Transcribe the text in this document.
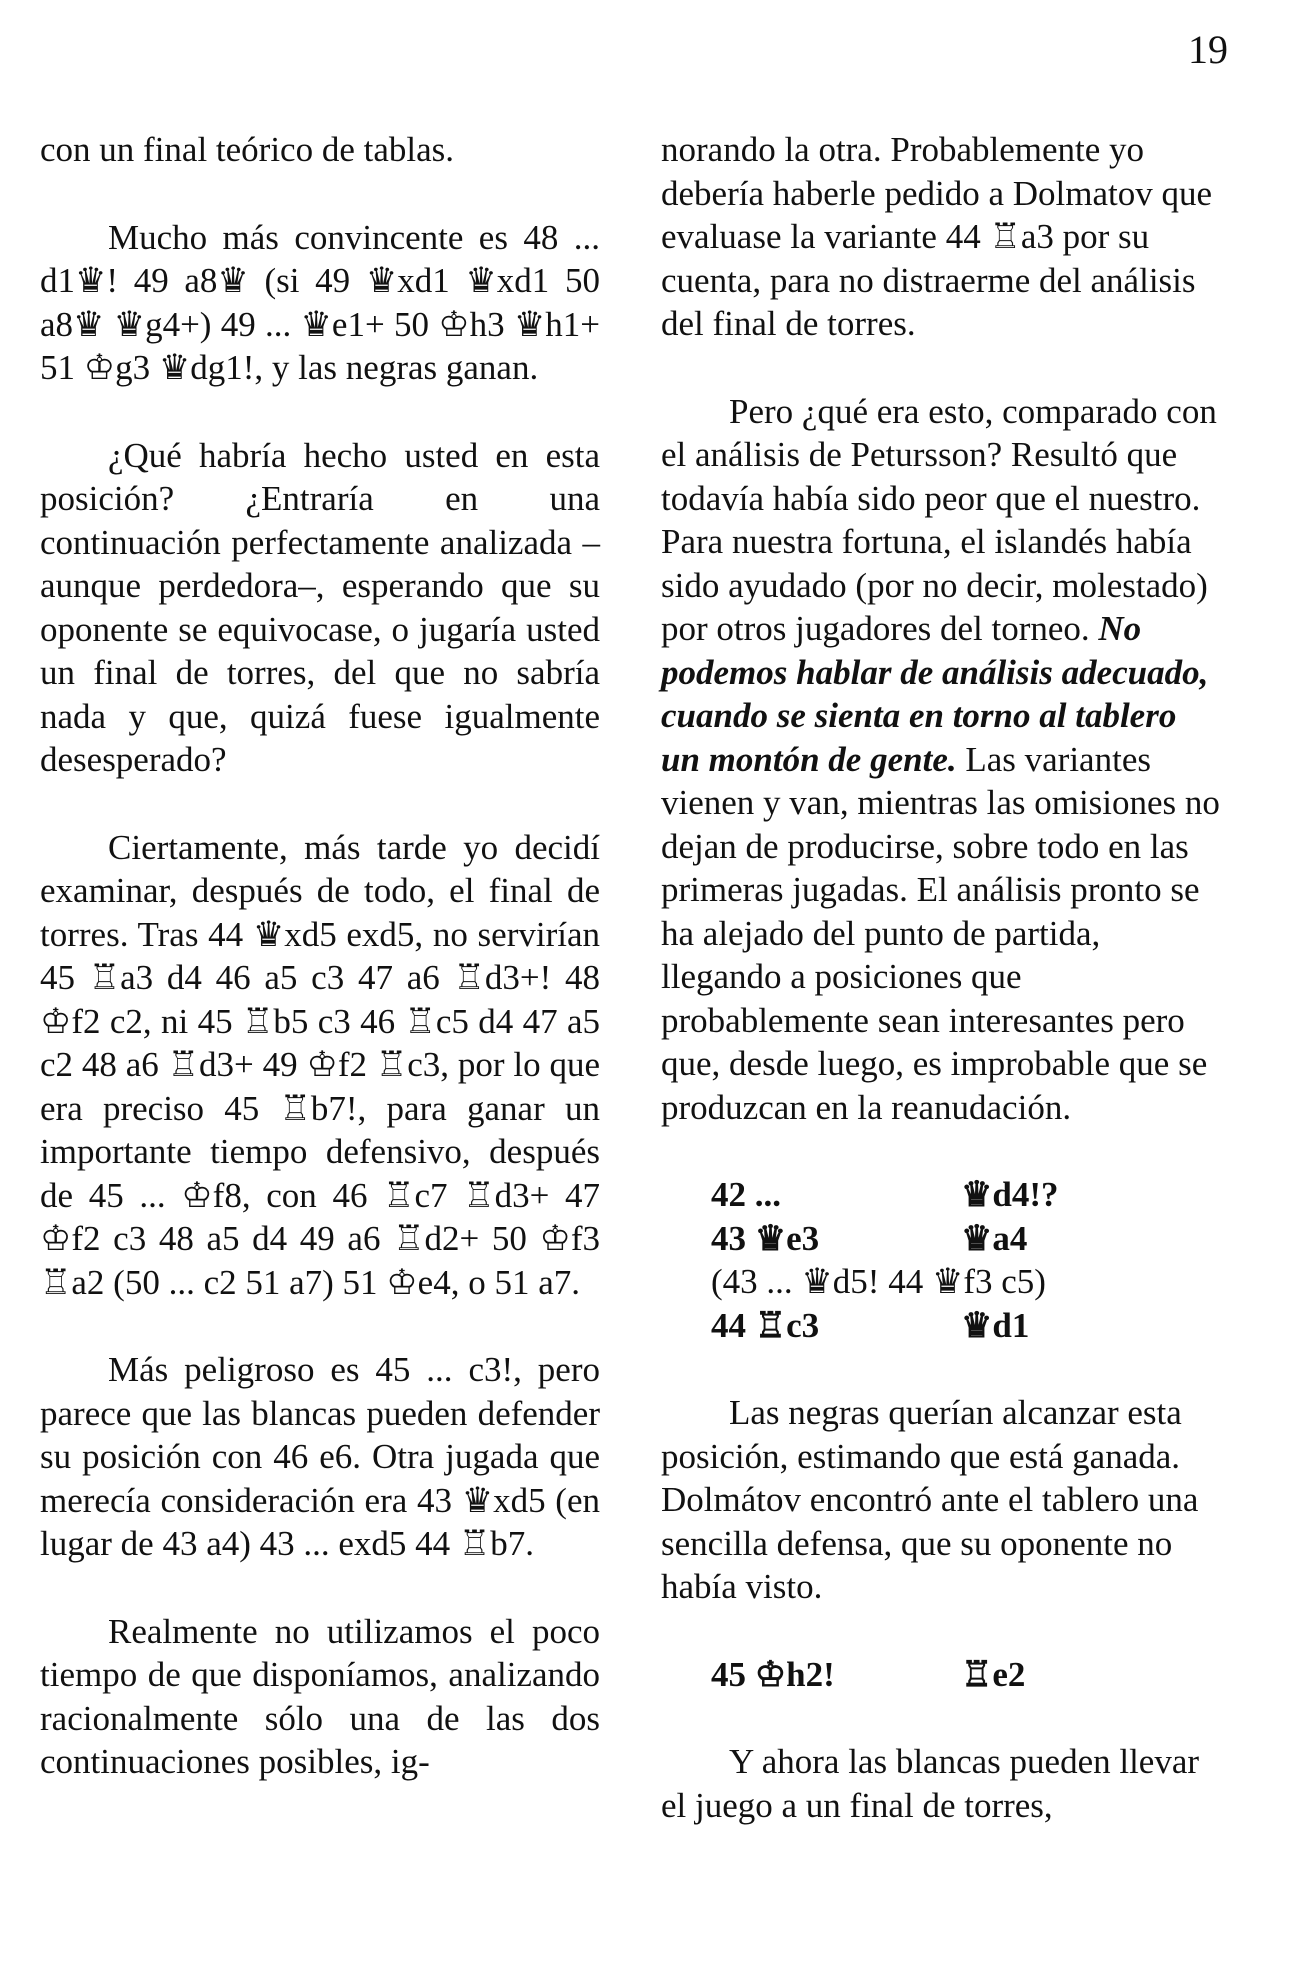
19

con un final teórico de tablas.

Mucho más convincente es 48 ... d1♛! 49 a8♛ (si 49 ♛xd1 ♛xd1 50 a8♛ ♛g4+) 49 ... ♛e1+ 50 ♔h3 ♛h1+ 51 ♔g3 ♛dg1!, y las negras ganan.

¿Qué habría hecho usted en esta posición? ¿Entraría en una continuación perfectamente analizada – aunque perdedora–, esperando que su oponente se equivocase, o jugaría usted un final de torres, del que no sabría nada y que, quizá fuese igualmente desesperado?

Ciertamente, más tarde yo decidí examinar, después de todo, el final de torres. Tras 44 ♛xd5 exd5, no servirían 45 ♖a3 d4 46 a5 c3 47 a6 ♖d3+! 48 ♔f2 c2, ni 45 ♖b5 c3 46 ♖c5 d4 47 a5 c2 48 a6 ♖d3+ 49 ♔f2 ♖c3, por lo que era preciso 45 ♖b7!, para ganar un importante tiempo defensivo, después de 45 ... ♔f8, con 46 ♖c7 ♖d3+ 47 ♔f2 c3 48 a5 d4 49 a6 ♖d2+ 50 ♔f3 ♖a2 (50 ... c2 51 a7) 51 ♔e4, o 51 a7.

Más peligroso es 45 ... c3!, pero parece que las blancas pueden defender su posición con 46 e6. Otra jugada que merecía consideración era 43 ♛xd5 (en lugar de 43 a4) 43 ... exd5 44 ♖b7.

Realmente no utilizamos el poco tiempo de que disponíamos, analizando racionalmente sólo una de las dos continuaciones posibles, ig-

norando la otra. Probablemente yo debería haberle pedido a Dolmatov que evaluase la variante 44 ♖a3 por su cuenta, para no distraerme del análisis del final de torres.

Pero ¿qué era esto, comparado con el análisis de Petursson? Resultó que todavía había sido peor que el nuestro. Para nuestra fortuna, el islandés había sido ayudado (por no decir, molestado) por otros jugadores del torneo. No podemos hablar de análisis adecuado, cuando se sienta en torno al tablero un montón de gente. Las variantes vienen y van, mientras las omisiones no dejan de producirse, sobre todo en las primeras jugadas. El análisis pronto se ha alejado del punto de partida, llegando a posiciones que probablemente sean interesantes pero que, desde luego, es improbable que se produzcan en la reanudación.

42 ...	♛d4!?
43 ♛e3	♛a4
(43 ... ♛d5! 44 ♛f3 c5)
44 ♖c3	♛d1

Las negras querían alcanzar esta posición, estimando que está ganada. Dolmátov encontró ante el tablero una sencilla defensa, que su oponente no había visto.

45 ♔h2!	♖e2

Y ahora las blancas pueden llevar el juego a un final de torres,
